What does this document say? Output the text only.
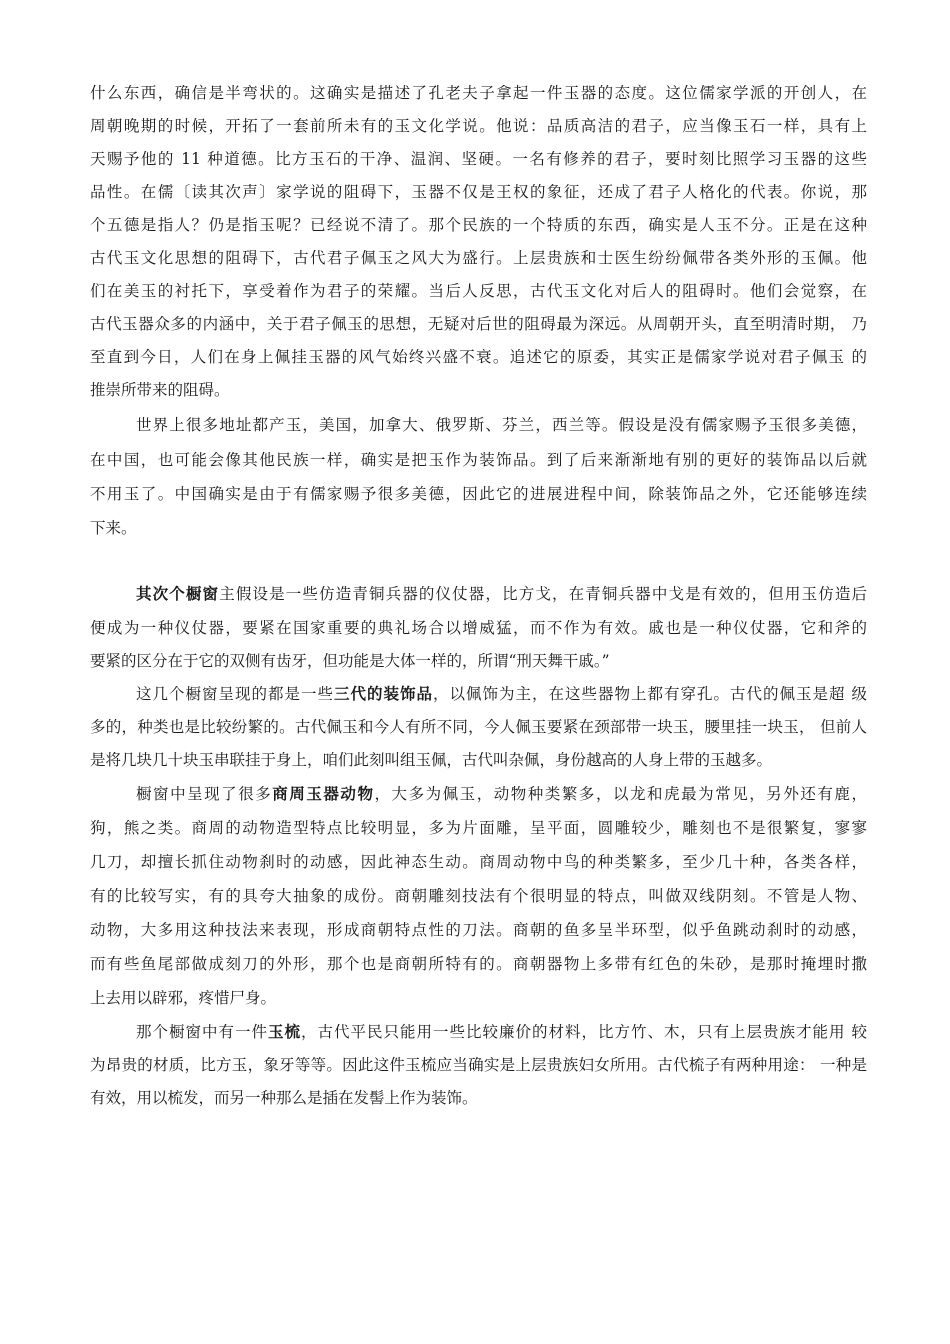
什么东西，确信是半弯状的。这确实是描述了孔老夫子拿起一件玉器的态度。这位儒家学派的开创人，在
周朝晚期的时候，开拓了一套前所未有的玉文化学说。他说：品质高洁的君子，应当像玉石一样，具有上
天赐予他的 11 种道德。比方玉石的干净、温润、坚硬。一名有修养的君子，要时刻比照学习玉器的这些
品性。在儒〔读其次声〕家学说的阻碍下，玉器不仅是王权的象征，还成了君子人格化的代表。你说，那
个五德是指人？仍是指玉呢？已经说不清了。那个民族的一个特质的东西，确实是人玉不分。正是在这种
古代玉文化思想的阻碍下，古代君子佩玉之风大为盛行。上层贵族和士医生纷纷佩带各类外形的玉佩。他
们在美玉的衬托下，享受着作为君子的荣耀。当后人反思，古代玉文化对后人的阻碍时。他们会觉察，在
古代玉器众多的内涵中，关于君子佩玉的思想，无疑对后世的阻碍最为深远。从周朝开头，直至明清时期， 乃
至直到今日，人们在身上佩挂玉器的风气始终兴盛不衰。追述它的原委，其实正是儒家学说对君子佩玉 的
推崇所带来的阻碍。
世界上很多地址都产玉，美国，加拿大、俄罗斯、芬兰，西兰等。假设是没有儒家赐予玉很多美德，
在中国，也可能会像其他民族一样，确实是把玉作为装饰品。到了后来渐渐地有别的更好的装饰品以后就
不用玉了。中国确实是由于有儒家赐予很多美德，因此它的进展进程中间，除装饰品之外，它还能够连续
下来。
其次个橱窗主假设是一些仿造青铜兵器的仪仗器，比方戈，在青铜兵器中戈是有效的，但用玉仿造后
便成为一种仪仗器，要紧在国家重要的典礼场合以增威猛，而不作为有效。戚也是一种仪仗器，它和斧的
要紧的区分在于它的双侧有齿牙，但功能是大体一样的，所谓“刑天舞干戚。”
这几个橱窗呈现的都是一些三代的装饰品，以佩饰为主，在这些器物上都有穿孔。古代的佩玉是超 级
多的，种类也是比较纷繁的。古代佩玉和今人有所不同，今人佩玉要紧在颈部带一块玉，腰里挂一块玉， 但前人
是将几块几十块玉串联挂于身上，咱们此刻叫组玉佩，古代叫杂佩，身份越高的人身上带的玉越多。
橱窗中呈现了很多商周玉器动物，大多为佩玉，动物种类繁多，以龙和虎最为常见，另外还有鹿，
狗，熊之类。商周的动物造型特点比较明显，多为片面雕，呈平面，圆雕较少，雕刻也不是很繁复，寥寥
几刀，却擅长抓住动物刹时的动感，因此神态生动。商周动物中鸟的种类繁多，至少几十种，各类各样，
有的比较写实，有的具夸大抽象的成份。商朝雕刻技法有个很明显的特点，叫做双线阴刻。不管是人物、
动物，大多用这种技法来表现，形成商朝特点性的刀法。商朝的鱼多呈半环型，似乎鱼跳动刹时的动感，
而有些鱼尾部做成刻刀的外形，那个也是商朝所特有的。商朝器物上多带有红色的朱砂，是那时掩埋时撒
上去用以辟邪，疼惜尸身。
那个橱窗中有一件玉梳，古代平民只能用一些比较廉价的材料，比方竹、木，只有上层贵族才能用 较
为昂贵的材质，比方玉，象牙等等。因此这件玉梳应当确实是上层贵族妇女所用。古代梳子有两种用途： 一种是
有效，用以梳发，而另一种那么是插在发髻上作为装饰。
